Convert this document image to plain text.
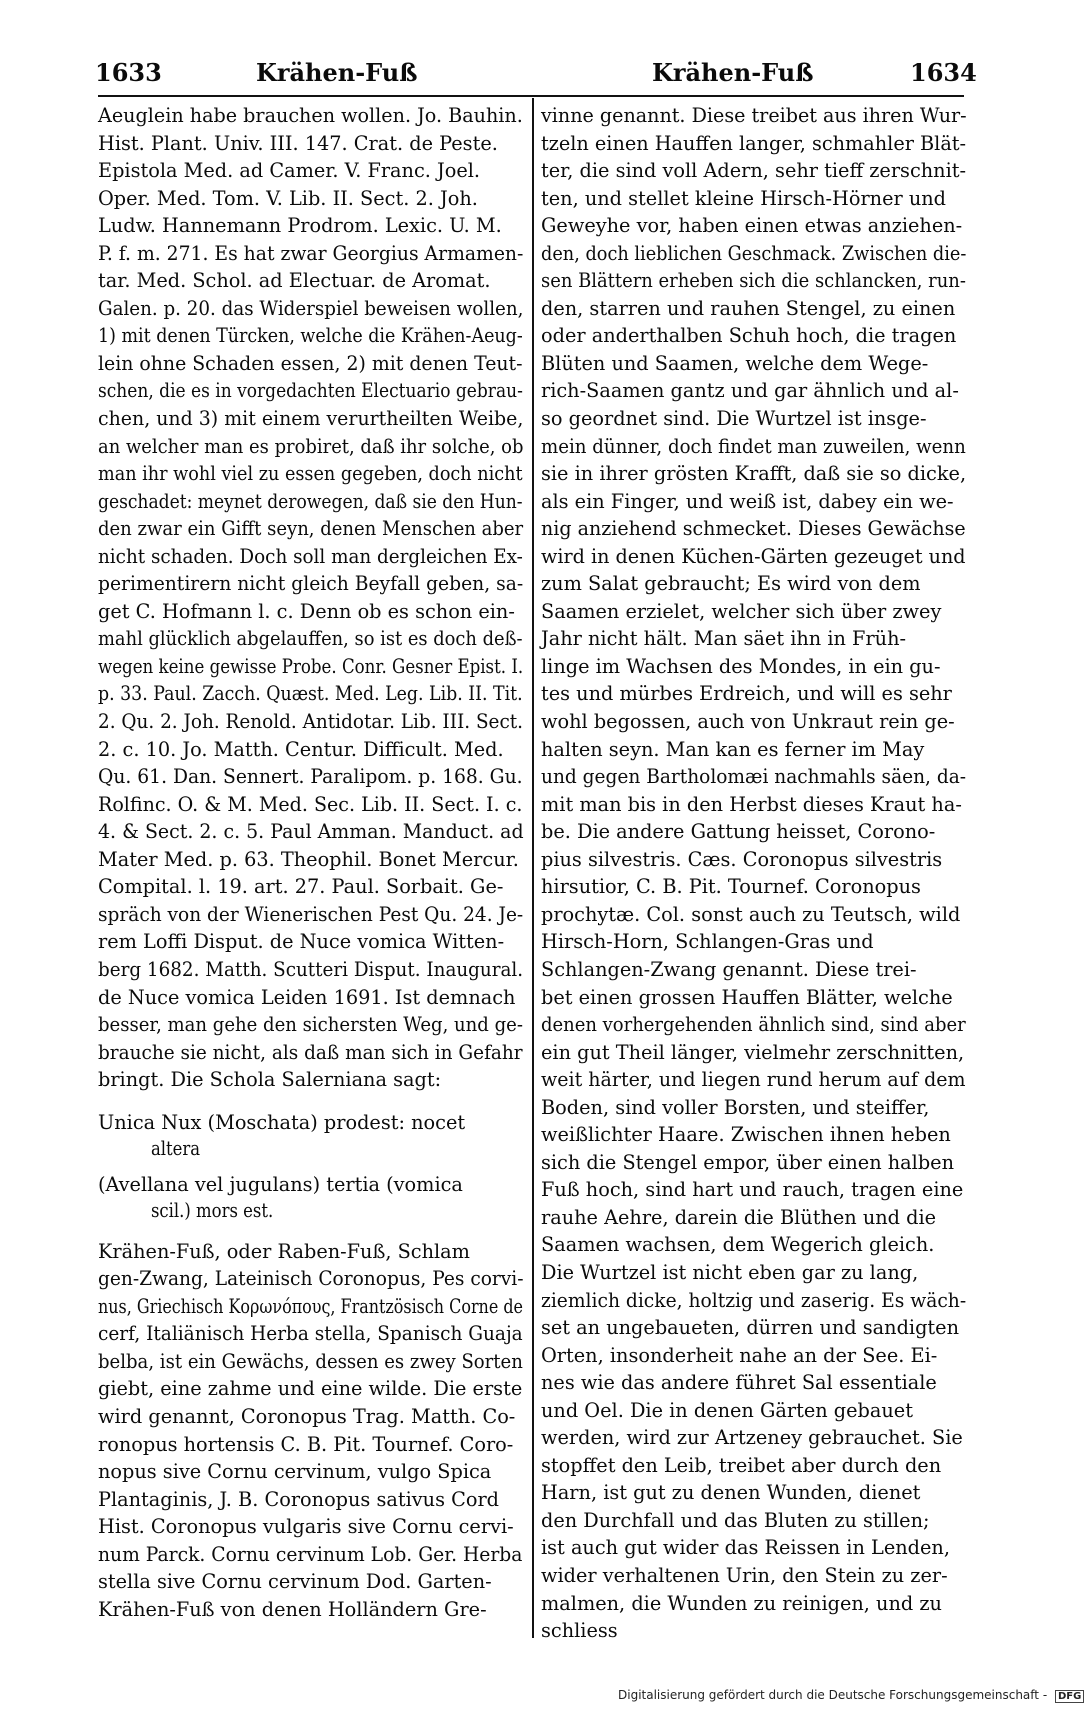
1633	Krähen-Fuß	Krähen-Fuß	1634

Aeuglein habe brauchen wollen. Jo. Bauhin.
Hist. Plant. Univ. III. 147. Crat. de Peste.
Epistola Med. ad Camer. V. Franc. Joel.
Oper. Med. Tom. V. Lib. II. Sect. 2. Joh.
Ludw. Hannemann Prodrom. Lexic. U. M.
P. f. m. 271. Es hat zwar Georgius Armamen-
tar. Med. Schol. ad Electuar. de Aromat.
Galen. p. 20. das Widerspiel beweisen wollen,
1) mit denen Türcken, welche die Krähen-Aeug-
lein ohne Schaden essen, 2) mit denen Teut-
schen, die es in vorgedachten Electuario gebrau-
chen, und 3) mit einem verurtheilten Weibe,
an welcher man es probiret, daß ihr solche, ob
man ihr wohl viel zu essen gegeben, doch nicht
geschadet: meynet derowegen, daß sie den Hun-
den zwar ein Gifft seyn, denen Menschen aber
nicht schaden. Doch soll man dergleichen Ex-
perimentirern nicht gleich Beyfall geben, sa-
get C. Hofmann l. c. Denn ob es schon ein-
mahl glücklich abgelauffen, so ist es doch deß-
wegen keine gewisse Probe. Conr. Gesner Epist. I.
p. 33. Paul. Zacch. Quæst. Med. Leg. Lib. II. Tit.
2. Qu. 2. Joh. Renold. Antidotar. Lib. III. Sect.
2. c. 10. Jo. Matth. Centur. Difficult. Med.
Qu. 61. Dan. Sennert. Paralipom. p. 168. Gu.
Rolfinc. O. & M. Med. Sec. Lib. II. Sect. I. c.
4. & Sect. 2. c. 5. Paul Amman. Manduct. ad
Mater Med. p. 63. Theophil. Bonet Mercur.
Compital. l. 19. art. 27. Paul. Sorbait. Ge-
spräch von der Wienerischen Pest Qu. 24. Je-
rem Loffi Disput. de Nuce vomica Witten-
berg 1682. Matth. Scutteri Disput. Inaugural.
de Nuce vomica Leiden 1691. Ist demnach
besser, man gehe den sichersten Weg, und ge-
brauche sie nicht, als daß man sich in Gefahr
bringt. Die Schola Salerniana sagt:

Unica Nux (Moschata) prodest: nocet
altera
(Avellana vel jugulans) tertia (vomica
scil.) mors est.

Krähen-Fuß, oder Raben-Fuß, Schlam
gen-Zwang, Lateinisch Coronopus, Pes corvi-
nus, Griechisch Κορωνόπους, Frantzösisch Corne de
cerf, Italiänisch Herba stella, Spanisch Guaja
belba, ist ein Gewächs, dessen es zwey Sorten
giebt, eine zahme und eine wilde. Die erste
wird genannt, Coronopus Trag. Matth. Co-
ronopus hortensis C. B. Pit. Tournef. Coro-
nopus sive Cornu cervinum, vulgo Spica
Plantaginis, J. B. Coronopus sativus Cord
Hist. Coronopus vulgaris sive Cornu cervi-
num Parck. Cornu cervinum Lob. Ger. Herba
stella sive Cornu cervinum Dod. Garten-
Krähen-Fuß von denen Holländern Gre-

vinne genannt. Diese treibet aus ihren Wur-
tzeln einen Hauffen langer, schmahler Blät-
ter, die sind voll Adern, sehr tieff zerschnit-
ten, und stellet kleine Hirsch-Hörner und
Geweyhe vor, haben einen etwas anziehen-
den, doch lieblichen Geschmack. Zwischen die-
sen Blättern erheben sich die schlancken, run-
den, starren und rauhen Stengel, zu einen
oder anderthalben Schuh hoch, die tragen
Blüten und Saamen, welche dem Wege-
rich-Saamen gantz und gar ähnlich und al-
so geordnet sind. Die Wurtzel ist insge-
mein dünner, doch findet man zuweilen, wenn
sie in ihrer grösten Krafft, daß sie so dicke,
als ein Finger, und weiß ist, dabey ein we-
nig anziehend schmecket. Dieses Gewächse
wird in denen Küchen-Gärten gezeuget und
zum Salat gebraucht; Es wird von dem
Saamen erzielet, welcher sich über zwey
Jahr nicht hält. Man säet ihn in Früh-
linge im Wachsen des Mondes, in ein gu-
tes und mürbes Erdreich, und will es sehr
wohl begossen, auch von Unkraut rein ge-
halten seyn. Man kan es ferner im May
und gegen Bartholomæi nachmahls säen, da-
mit man bis in den Herbst dieses Kraut ha-
be. Die andere Gattung heisset, Corono-
pius silvestris. Cæs. Coronopus silvestris
hirsutior, C. B. Pit. Tournef. Coronopus
prochytæ. Col. sonst auch zu Teutsch, wild
Hirsch-Horn, Schlangen-Gras und
Schlangen-Zwang genannt. Diese trei-
bet einen grossen Hauffen Blätter, welche
denen vorhergehenden ähnlich sind, sind aber
ein gut Theil länger, vielmehr zerschnitten,
weit härter, und liegen rund herum auf dem
Boden, sind voller Borsten, und steiffer,
weißlichter Haare. Zwischen ihnen heben
sich die Stengel empor, über einen halben
Fuß hoch, sind hart und rauch, tragen eine
rauhe Aehre, darein die Blüthen und die
Saamen wachsen, dem Wegerich gleich.
Die Wurtzel ist nicht eben gar zu lang,
ziemlich dicke, holtzig und zaserig. Es wäch-
set an ungebaueten, dürren und sandigten
Orten, insonderheit nahe an der See. Ei-
nes wie das andere führet Sal essentiale
und Oel. Die in denen Gärten gebauet
werden, wird zur Artzeney gebrauchet. Sie
stopffet den Leib, treibet aber durch den
Harn, ist gut zu denen Wunden, dienet
den Durchfall und das Bluten zu stillen;
ist auch gut wider das Reissen in Lenden,
wider verhaltenen Urin, den Stein zu zer-
malmen, die Wunden zu reinigen, und zu
schliess

Digitalisierung gefördert durch die Deutsche Forschungsgemeinschaft - DFG
